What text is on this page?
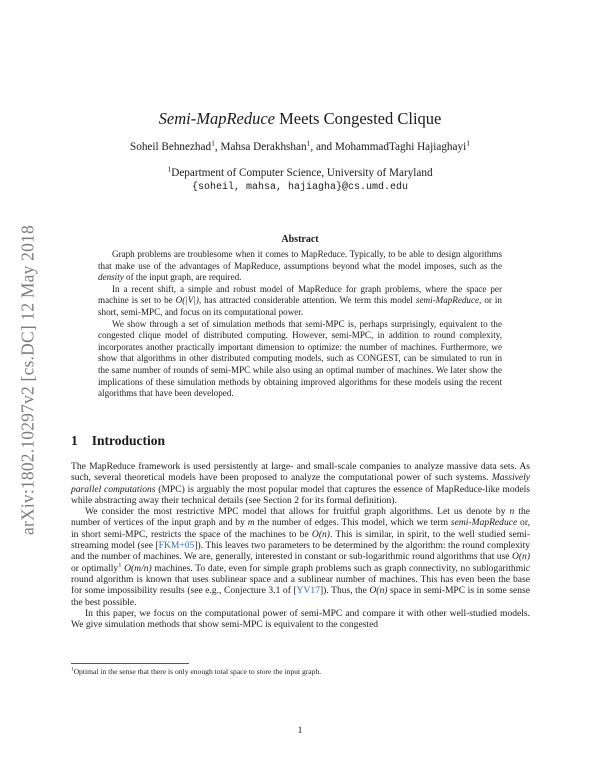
arXiv:1802.10297v2 [cs.DC] 12 May 2018
Semi-MapReduce Meets Congested Clique
Soheil Behnezhad$^1$, Mahsa Derakhshan$^1$, and MohammadTaghi Hajiaghayi$^1$
$^1$Department of Computer Science, University of Maryland
{soheil, mahsa, hajiagha}@cs.umd.edu
Abstract

Graph problems are troublesome when it comes to MapReduce. Typically, to be able to design algorithms that make use of the advantages of MapReduce, assumptions beyond what the model imposes, such as the density of the input graph, are required.

In a recent shift, a simple and robust model of MapReduce for graph problems, where the space per machine is set to be O(|V|), has attracted considerable attention. We term this model semi-MapReduce, or in short, semi-MPC, and focus on its computational power.

We show through a set of simulation methods that semi-MPC is, perhaps surprisingly, equivalent to the congested clique model of distributed computing. However, semi-MPC, in addition to round complexity, incorporates another practically important dimension to optimize: the number of machines. Furthermore, we show that algorithms in other distributed computing models, such as CONGEST, can be simulated to run in the same number of rounds of semi-MPC while also using an optimal number of machines. We later show the implications of these simulation methods by obtaining improved algorithms for these models using the recent algorithms that have been developed.

1 Introduction

The MapReduce framework is used persistently at large- and small-scale companies to analyze massive data sets. As such, several theoretical models have been proposed to analyze the computational power of such systems. Massively parallel computations (MPC) is arguably the most popular model that captures the essence of MapReduce-like models while abstracting away their technical details (see Section 2 for its formal definition).

We consider the most restrictive MPC model that allows for fruitful graph algorithms. Let us denote by n the number of vertices of the input graph and by m the number of edges. This model, which we term semi-MapReduce or, in short semi-MPC, restricts the space of the machines to be O(n). This is similar, in spirit, to the well studied semi-streaming model (see [FKM+05]). This leaves two parameters to be determined by the algorithm: the round complexity and the number of machines. We are, generally, interested in constant or sub-logarithmic round algorithms that use O(n) or optimally$^1$ O(m/n) machines. To date, even for simple graph problems such as graph connectivity, no sublogarithmic round algorithm is known that uses sublinear space and a sublinear number of machines. This has even been the base for some impossibility results (see e.g., Conjecture 3.1 of [YV17]). Thus, the O(n) space in semi-MPC is in some sense the best possible.

In this paper, we focus on the computational power of semi-MPC and compare it with other well-studied models. We give simulation methods that show semi-MPC is equivalent to the congested

$^1$Optimal in the sense that there is only enough total space to store the input graph.
1
